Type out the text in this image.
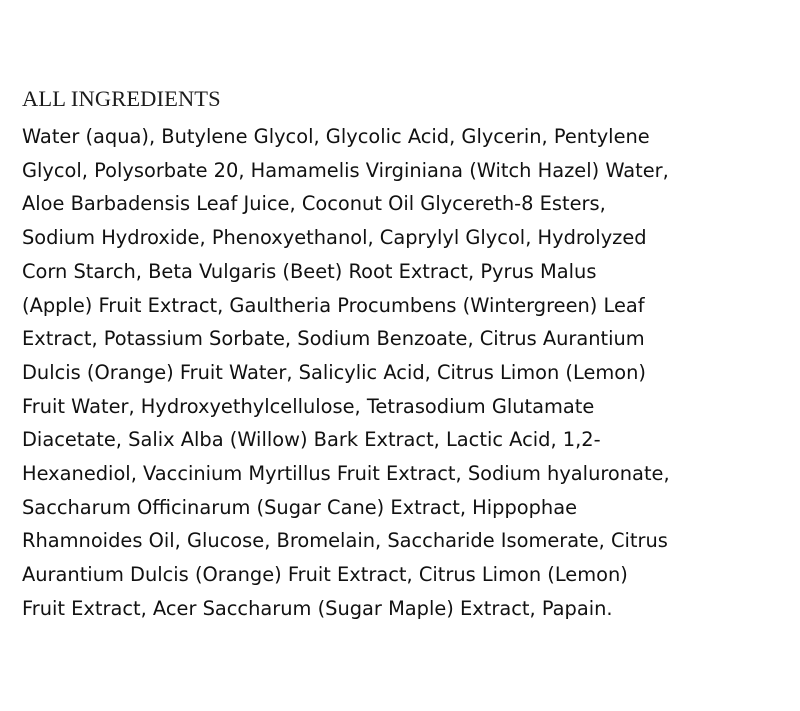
ALL INGREDIENTS
Water (aqua), Butylene Glycol, Glycolic Acid, Glycerin, Pentylene
Glycol, Polysorbate 20, Hamamelis Virginiana (Witch Hazel) Water,
Aloe Barbadensis Leaf Juice, Coconut Oil Glycereth-8 Esters,
Sodium Hydroxide, Phenoxyethanol, Caprylyl Glycol, Hydrolyzed
Corn Starch, Beta Vulgaris (Beet) Root Extract, Pyrus Malus
(Apple) Fruit Extract, Gaultheria Procumbens (Wintergreen) Leaf
Extract, Potassium Sorbate, Sodium Benzoate, Citrus Aurantium
Dulcis (Orange) Fruit Water, Salicylic Acid, Citrus Limon (Lemon)
Fruit Water, Hydroxyethylcellulose, Tetrasodium Glutamate
Diacetate, Salix Alba (Willow) Bark Extract, Lactic Acid, 1,2-
Hexanediol, Vaccinium Myrtillus Fruit Extract, Sodium hyaluronate,
Saccharum Officinarum (Sugar Cane) Extract, Hippophae
Rhamnoides Oil, Glucose, Bromelain, Saccharide Isomerate, Citrus
Aurantium Dulcis (Orange) Fruit Extract, Citrus Limon (Lemon)
Fruit Extract, Acer Saccharum (Sugar Maple) Extract, Papain.
